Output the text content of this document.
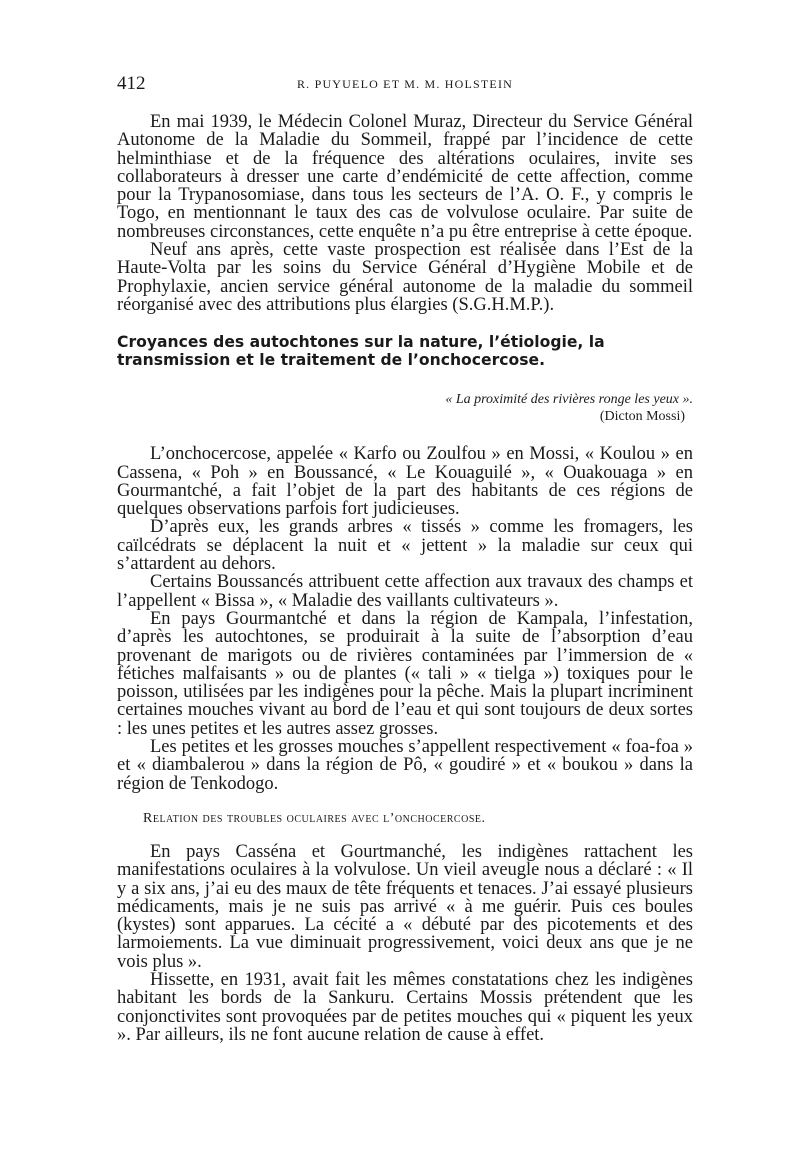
412	R. PUYUELO ET M. M. HOLSTEIN

En mai 1939, le Médecin Colonel Muraz, Directeur du Service Général Autonome de la Maladie du Sommeil, frappé par l’incidence de cette helminthiase et de la fréquence des altérations oculaires, invite ses collaborateurs à dresser une carte d’endémicité de cette affection, comme pour la Trypanosomiase, dans tous les secteurs de l’A. O. F., y compris le Togo, en mentionnant le taux des cas de volvulose oculaire. Par suite de nombreuses circonstances, cette enquête n’a pu être entreprise à cette époque.

Neuf ans après, cette vaste prospection est réalisée dans l’Est de la Haute-Volta par les soins du Service Général d’Hygiène Mobile et de Prophylaxie, ancien service général autonome de la maladie du sommeil réorganisé avec des attributions plus élargies (S.G.H.M.P.).

Croyances des autochtones sur la nature, l’étiologie, la transmission et le traitement de l’onchocercose.

« La proximité des rivières ronge les yeux ».
(Dicton Mossi)

L’onchocercose, appelée « Karfo ou Zoulfou » en Mossi, « Koulou » en Cassena, « Poh » en Boussancé, « Le Kouaguilé », « Ouakouaga » en Gourmantché, a fait l’objet de la part des habitants de ces régions de quelques observations parfois fort judicieuses.

D’après eux, les grands arbres « tissés » comme les fromagers, les caïlcédrats se déplacent la nuit et « jettent » la maladie sur ceux qui s’attardent au dehors.

Certains Boussancés attribuent cette affection aux travaux des champs et l’appellent « Bissa », « Maladie des vaillants cultivateurs ».

En pays Gourmantché et dans la région de Kampala, l’infestation, d’après les autochtones, se produirait à la suite de l’absorption d’eau provenant de marigots ou de rivières contaminées par l’immersion de « fétiches malfaisants » ou de plantes (« tali » « tielga ») toxiques pour le poisson, utilisées par les indigènes pour la pêche. Mais la plupart incriminent certaines mouches vivant au bord de l’eau et qui sont toujours de deux sortes : les unes petites et les autres assez grosses.

Les petites et les grosses mouches s’appellent respectivement « foa-foa » et « diambalerou » dans la région de Pô, « goudiré » et « boukou » dans la région de Tenkodogo.

Relation des troubles oculaires avec l’onchocercose.

En pays Casséna et Gourtmanché, les indigènes rattachent les manifestations oculaires à la volvulose. Un vieil aveugle nous a déclaré : « Il y a six ans, j’ai eu des maux de tête fréquents et tenaces. J’ai essayé plusieurs médicaments, mais je ne suis pas arrivé « à me guérir. Puis ces boules (kystes) sont apparues. La cécité a « débuté par des picotements et des larmoiements. La vue diminuait progressivement, voici deux ans que je ne vois plus ».

Hissette, en 1931, avait fait les mêmes constatations chez les indigènes habitant les bords de la Sankuru. Certains Mossis prétendent que les conjonctivites sont provoquées par de petites mouches qui « piquent les yeux ». Par ailleurs, ils ne font aucune relation de cause à effet.
